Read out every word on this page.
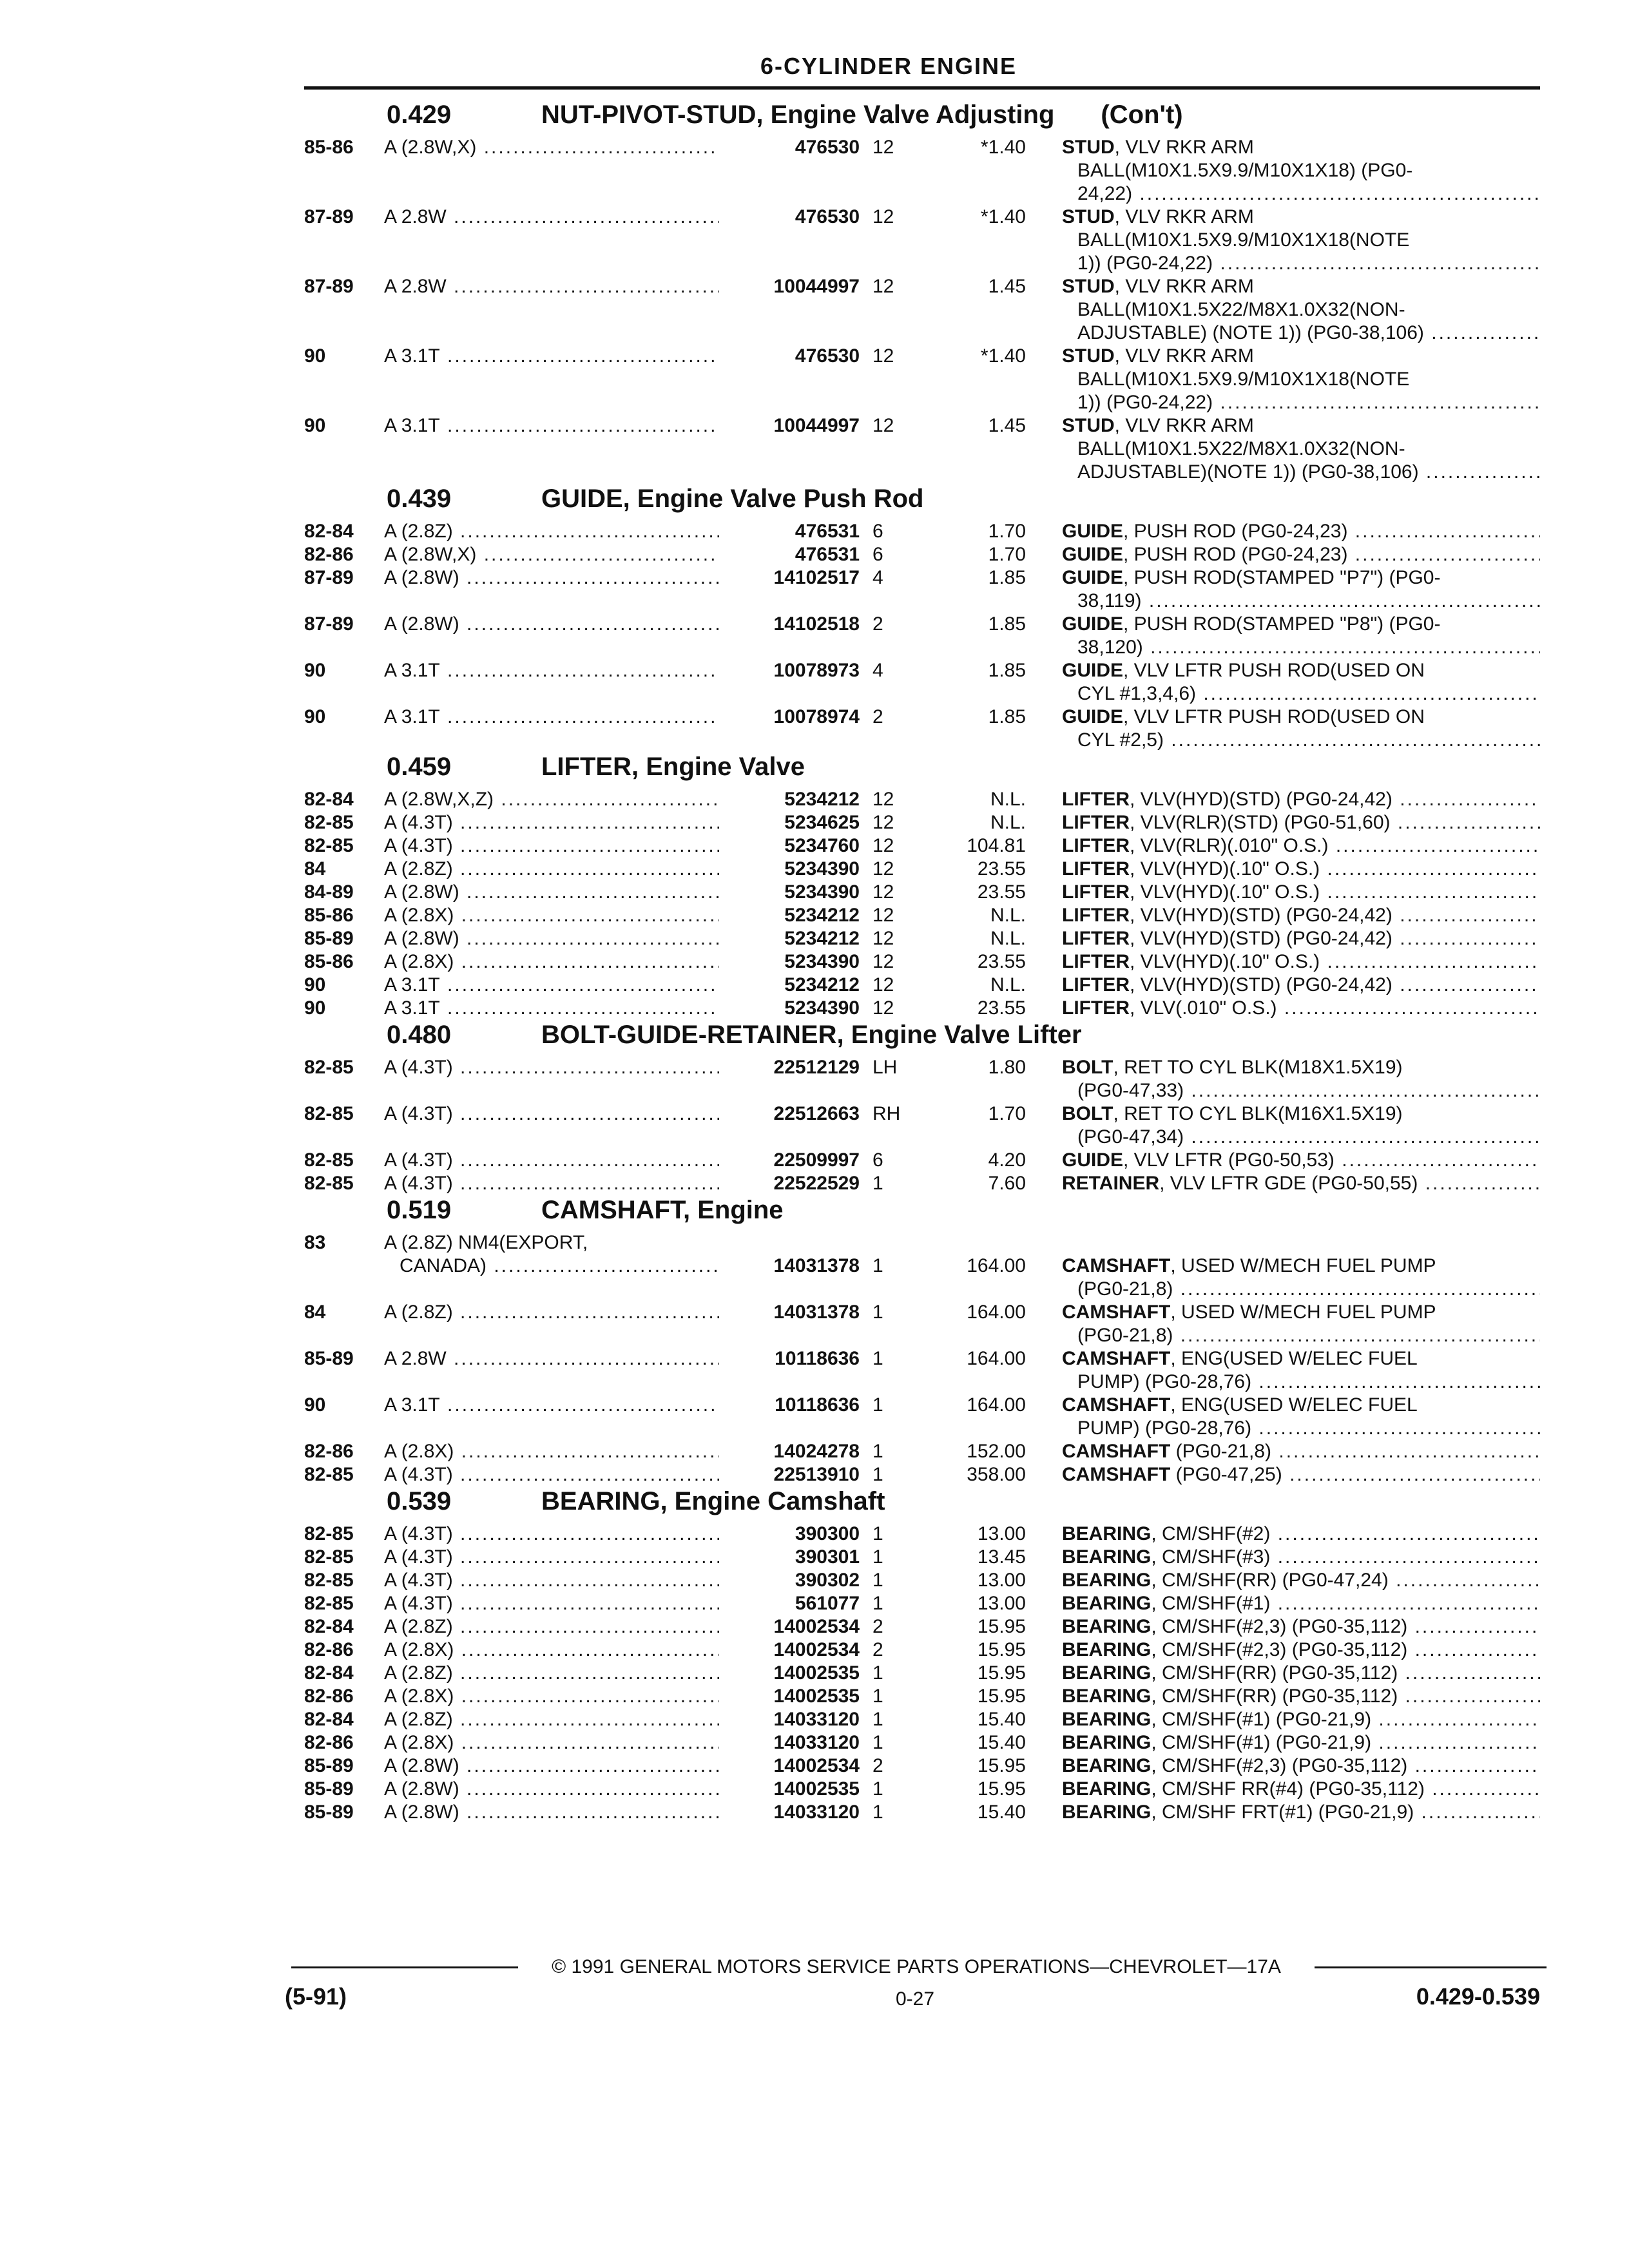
6-CYLINDER ENGINE
0.429	NUT-PIVOT-STUD, Engine Valve Adjusting (Con't)
85-86	A (2.8W,X) .....	476530 12	*1.40 STUD, VLV RKR ARM
BALL(M10X1.5X9.9/M10X1X18) (PG0-
24,22) .....
87-89	A 2.8W .....	476530 12	*1.40 STUD, VLV RKR ARM
BALL(M10X1.5X9.9/M10X1X18(NOTE
1)) (PG0-24,22) .....
87-89	A 2.8W .....	10044997 12	1.45 STUD, VLV RKR ARM
BALL(M10X1.5X22/M8X1.0X32(NON-
ADJUSTABLE) (NOTE 1)) (PG0-38,106) .....
90	A 3.1T .....	476530 12	*1.40 STUD, VLV RKR ARM
BALL(M10X1.5X9.9/M10X1X18(NOTE
1)) (PG0-24,22) .....
90	A 3.1T .....	10044997 12	1.45 STUD, VLV RKR ARM
BALL(M10X1.5X22/M8X1.0X32(NON-
ADJUSTABLE)(NOTE 1)) (PG0-38,106) .....
0.439	GUIDE, Engine Valve Push Rod
82-84	A (2.8Z) .....	476531 6	1.70 GUIDE, PUSH ROD (PG0-24,23) .....
82-86	A (2.8W,X) .....	476531 6	1.70 GUIDE, PUSH ROD (PG0-24,23) .....
87-89	A (2.8W) .....	14102517 4	1.85 GUIDE, PUSH ROD(STAMPED "P7") (PG0-
38,119) .....
87-89	A (2.8W) .....	14102518 2	1.85 GUIDE, PUSH ROD(STAMPED "P8") (PG0-
38,120) .....
90	A 3.1T .....	10078973 4	1.85 GUIDE, VLV LFTR PUSH ROD(USED ON
CYL #1,3,4,6) .....
90	A 3.1T .....	10078974 2	1.85 GUIDE, VLV LFTR PUSH ROD(USED ON
CYL #2,5) .....
0.459	LIFTER, Engine Valve
82-84	A (2.8W,X,Z) .....	5234212 12	N.L. LIFTER, VLV(HYD)(STD) (PG0-24,42) .....
82-85	A (4.3T) .....	5234625 12	N.L. LIFTER, VLV(RLR)(STD) (PG0-51,60) .....
82-85	A (4.3T) .....	5234760 12	104.81 LIFTER, VLV(RLR)(.010" O.S.) .....
84	A (2.8Z) .....	5234390 12	23.55 LIFTER, VLV(HYD)(.10" O.S.) .....
84-89	A (2.8W) .....	5234390 12	23.55 LIFTER, VLV(HYD)(.10" O.S.) .....
85-86	A (2.8X) .....	5234212 12	N.L. LIFTER, VLV(HYD)(STD) (PG0-24,42) .....
85-89	A (2.8W) .....	5234212 12	N.L. LIFTER, VLV(HYD)(STD) (PG0-24,42) .....
85-86	A (2.8X) .....	5234390 12	23.55 LIFTER, VLV(HYD)(.10" O.S.) .....
90	A 3.1T .....	5234212 12	N.L. LIFTER, VLV(HYD)(STD) (PG0-24,42) .....
90	A 3.1T .....	5234390 12	23.55 LIFTER, VLV(.010" O.S.) .....
0.480	BOLT-GUIDE-RETAINER, Engine Valve Lifter
82-85	A (4.3T) .....	22512129 LH	1.80 BOLT, RET TO CYL BLK(M18X1.5X19)
(PG0-47,33) .....
82-85	A (4.3T) .....	22512663 RH	1.70 BOLT, RET TO CYL BLK(M16X1.5X19)
(PG0-47,34) .....
82-85	A (4.3T) .....	22509997 6	4.20 GUIDE, VLV LFTR (PG0-50,53) .....
82-85	A (4.3T) .....	22522529 1	7.60 RETAINER, VLV LFTR GDE (PG0-50,55) .....
0.519	CAMSHAFT, Engine
83	A (2.8Z) NM4(EXPORT,
CANADA) .....	14031378 1	164.00 CAMSHAFT, USED W/MECH FUEL PUMP
(PG0-21,8) .....
84	A (2.8Z) .....	14031378 1	164.00 CAMSHAFT, USED W/MECH FUEL PUMP
(PG0-21,8) .....
85-89	A 2.8W .....	10118636 1	164.00 CAMSHAFT, ENG(USED W/ELEC FUEL
PUMP) (PG0-28,76) .....
90	A 3.1T .....	10118636 1	164.00 CAMSHAFT, ENG(USED W/ELEC FUEL
PUMP) (PG0-28,76) .....
82-86	A (2.8X) .....	14024278 1	152.00 CAMSHAFT (PG0-21,8) .....
82-85	A (4.3T) .....	22513910 1	358.00 CAMSHAFT (PG0-47,25) .....
0.539	BEARING, Engine Camshaft
82-85	A (4.3T) .....	390300 1	13.00 BEARING, CM/SHF(#2) .....
82-85	A (4.3T) .....	390301 1	13.45 BEARING, CM/SHF(#3) .....
82-85	A (4.3T) .....	390302 1	13.00 BEARING, CM/SHF(RR) (PG0-47,24) .....
82-85	A (4.3T) .....	561077 1	13.00 BEARING, CM/SHF(#1) .....
82-84	A (2.8Z) .....	14002534 2	15.95 BEARING, CM/SHF(#2,3) (PG0-35,112) .....
82-86	A (2.8X) .....	14002534 2	15.95 BEARING, CM/SHF(#2,3) (PG0-35,112) .....
82-84	A (2.8Z) .....	14002535 1	15.95 BEARING, CM/SHF(RR) (PG0-35,112) .....
82-86	A (2.8X) .....	14002535 1	15.95 BEARING, CM/SHF(RR) (PG0-35,112) .....
82-84	A (2.8Z) .....	14033120 1	15.40 BEARING, CM/SHF(#1) (PG0-21,9) .....
82-86	A (2.8X) .....	14033120 1	15.40 BEARING, CM/SHF(#1) (PG0-21,9) .....
85-89	A (2.8W) .....	14002534 2	15.95 BEARING, CM/SHF(#2,3) (PG0-35,112) .....
85-89	A (2.8W) .....	14002535 1	15.95 BEARING, CM/SHF RR(#4) (PG0-35,112) .....
85-89	A (2.8W) .....	14033120 1	15.40 BEARING, CM/SHF FRT(#1) (PG0-21,9) .....
© 1991 GENERAL MOTORS SERVICE PARTS OPERATIONS—CHEVROLET—17A
(5-91)	0-27	0.429-0.539
